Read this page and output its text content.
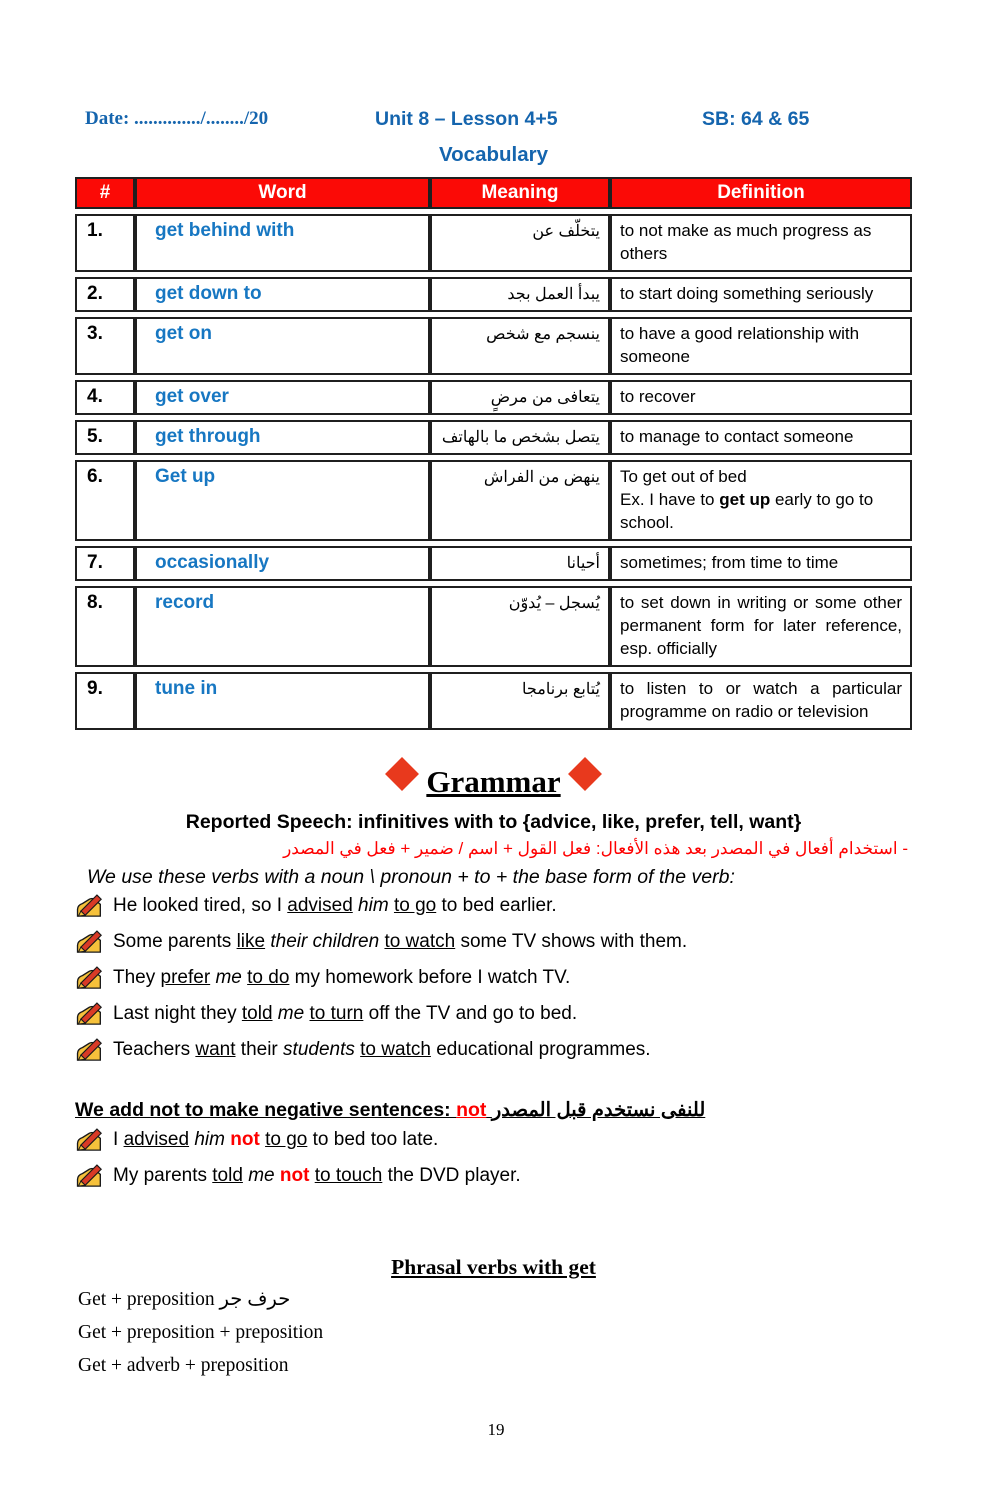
Date: ............../......../20	Unit 8 – Lesson 4+5	SB: 64 & 65
Vocabulary
#	Word	Meaning	Definition
1.	get behind with	يتخلّف عن	to not make as much progress as others
2.	get down to	يبدأ العمل بجد	to start doing something seriously
3.	get on	ينسجم مع شخص	to have a good relationship with someone
4.	get over	يتعافى من مرضٍ	to recover
5.	get through	يتصل بشخص ما بالهاتف	to manage to contact someone
6.	Get up	ينهض من الفراش	To get out of bed
Ex. I have to get up early to go to school.
7.	occasionally	أحيانا	sometimes; from time to time
8.	record	يُسجل – يُدوّن	to set down in writing or some other permanent form for later reference, esp. officially
9.	tune in	يُتابع برنامجا	to listen to or watch a particular programme on radio or television
Grammar
Reported Speech: infinitives with to {advice, like, prefer, tell, want}
- استخدام أفعال في المصدر بعد هذه الأفعال: فعل القول + اسم / ضمير + فعل في المصدر
We use these verbs with a noun \ pronoun + to + the base form of the verb:
He looked tired, so I advised him to go to bed earlier.
Some parents like their children to watch some TV shows with them.
They prefer me to do my homework before I watch TV.
Last night they told me to turn off the TV and go to bed.
Teachers want their students to watch educational programmes.
We add not to make negative sentences: not للنفى نستخدم قبل المصدر
I advised him not to go to bed too late.
My parents told me not to touch the DVD player.
Phrasal verbs with get
Get + preposition حرف جر
Get + preposition + preposition
Get + adverb + preposition
19
